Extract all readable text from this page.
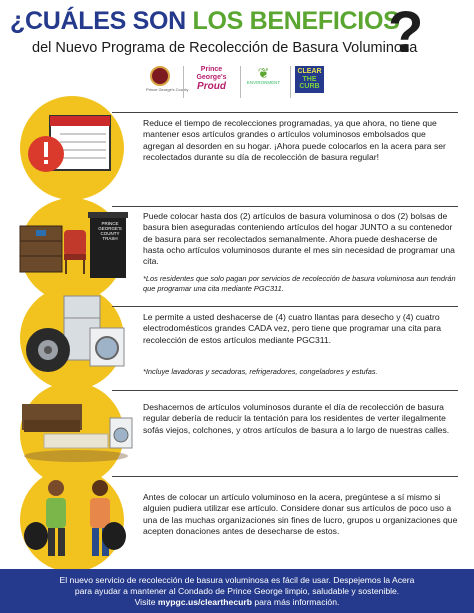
¿CUÁLES SON LOS BENEFICIOS
?
del Nuevo Programa de Recolección de Basura Voluminosa
Prince George's County
Prince George's
Proud
❦
ENVIRONMENT
CLEAR
THE
CURB
Reduce el tiempo de recolecciones programadas, ya que ahora, no tiene que mantener esos artículos grandes o artículos voluminosos embolsados que agregan al desorden en su hogar. ¡Ahora puede colocarlos en la acera para ser recolectados durante su día de recolección de basura regular!
PRINCE GEORGE'S COUNTY TRASH
Puede colocar hasta dos (2) artículos de basura voluminosa o dos (2) bolsas de basura bien aseguradas conteniendo artículos del hogar JUNTO a su contenedor de basura para ser recolectados semanalmente. Ahora puede deshacerse de hasta ocho artículos voluminosos durante el mes sin necesidad de programar una cita.
*Los residentes que solo pagan por servicios de recolección de basura voluminosa aun tendrán que programar una cita mediante PGC311.
Le permite a usted deshacerse de (4) cuatro llantas para desecho y (4) cuatro electrodomésticos grandes CADA vez, pero tiene que programar una cita para recolección de estos artículos mediante PGC311.
*Incluye lavadoras y secadoras, refrigeradores, congeladores y estufas.
Deshacernos de artículos voluminosos durante el día de recolección de basura regular debería de reducir la tentación para los residentes de verter ilegalmente sofás viejos, colchones, y otros artículos de basura a lo largo de nuestras calles.
Antes de colocar un artículo voluminoso en la acera, pregúntese a sí mismo si alguien pudiera utilizar ese artículo. Considere donar sus artículos de poco uso a una de las muchas organizaciones sin fines de lucro, grupos u organizaciones que acepten donaciones antes de desecharse de estos.
El nuevo servicio de recolección de basura voluminosa es fácil de usar. Despejemos la Acera
para ayudar a mantener al Condado de Prince George limpio, saludable y sostenible.
Visite mypgc.us/clearthecurb para más información.
